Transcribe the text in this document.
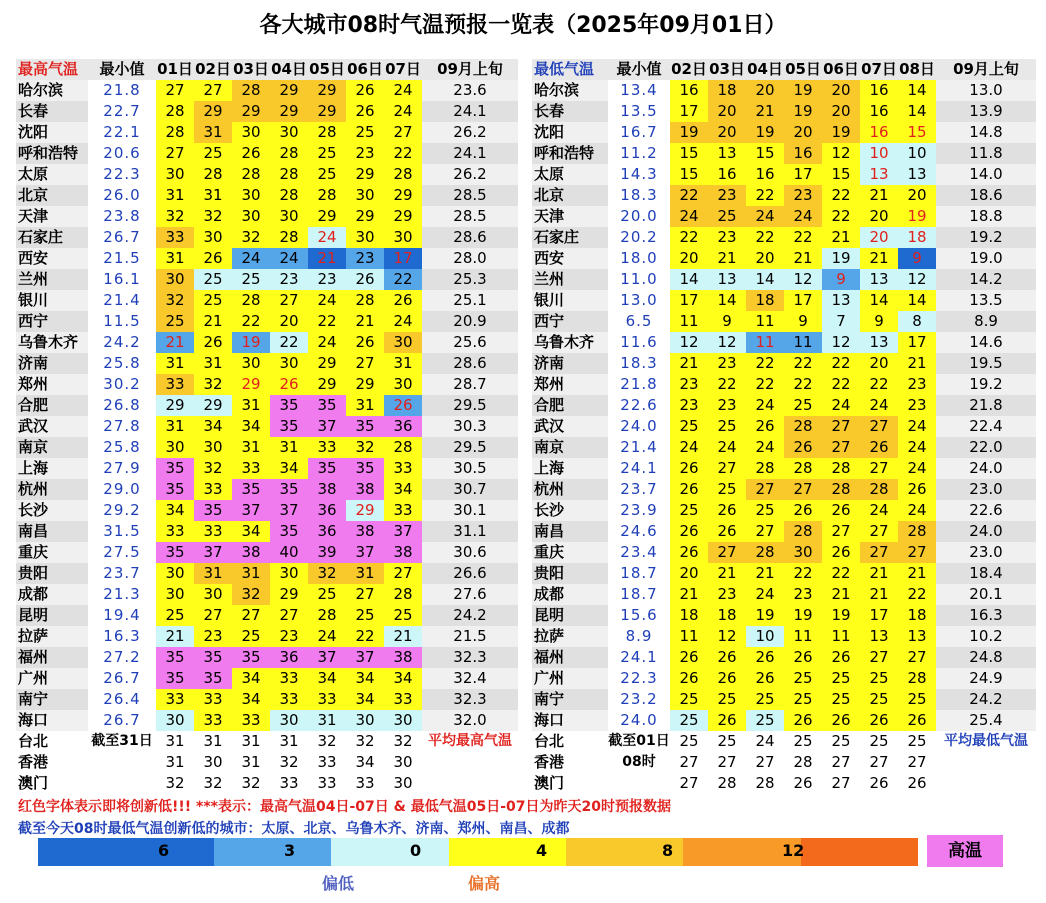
各大城市08时气温预报一览表（2025年09月01日）
最高气温	最小值	01日	02日	03日	04日	05日	06日	07日	09月上旬
哈尔滨	21.8	27	27	28	29	29	26	24	23.6
长春	22.7	28	29	29	29	29	26	24	24.1
沈阳	22.1	28	31	30	30	28	25	27	26.2
呼和浩特	20.6	27	25	26	28	25	23	22	24.1
太原	22.3	30	28	28	28	25	29	28	26.2
北京	26.0	31	31	30	28	28	30	29	28.5
天津	23.8	32	32	30	30	29	29	29	28.5
石家庄	26.7	33	30	32	28	24	30	30	28.6
西安	21.5	31	26	24	24	21	23	17	28.0
兰州	16.1	30	25	25	23	23	26	22	25.3
银川	21.4	32	25	28	27	24	28	26	25.1
西宁	11.5	25	21	22	20	22	21	24	20.9
乌鲁木齐	24.2	21	26	19	22	24	26	30	25.6
济南	25.8	31	31	30	30	29	27	31	28.6
郑州	30.2	33	32	29	26	29	29	30	28.7
合肥	26.8	29	29	31	35	35	31	26	29.5
武汉	27.8	31	34	34	35	37	35	36	30.3
南京	25.8	30	30	31	31	33	32	28	29.5
上海	27.9	35	32	33	34	35	35	33	30.5
杭州	29.0	35	33	35	35	38	38	34	30.7
长沙	29.2	34	35	37	37	36	29	33	30.1
南昌	31.5	33	33	34	35	36	38	37	31.1
重庆	27.5	35	37	38	40	39	37	38	30.6
贵阳	23.7	30	31	31	30	32	31	27	26.6
成都	21.3	30	30	32	29	25	27	28	27.6
昆明	19.4	25	27	27	27	28	25	25	24.2
拉萨	16.3	21	23	25	23	24	22	21	21.5
福州	27.2	35	35	35	36	37	37	38	32.3
广州	26.7	35	35	34	33	34	34	34	32.4
南宁	26.4	33	33	34	33	33	34	33	32.3
海口	26.7	30	33	33	30	31	30	30	32.0
台北	截至31日	31	31	31	31	32	32	32	平均最高气温
香港		31	30	31	32	33	34	30	
澳门		32	32	32	33	33	33	30	
最低气温	最小值	02日	03日	04日	05日	06日	07日	08日	09月上旬
哈尔滨	13.4	16	18	20	19	20	16	14	13.0
长春	13.5	17	20	21	19	20	16	14	13.9
沈阳	16.7	19	20	19	20	19	16	15	14.8
呼和浩特	11.2	15	13	15	16	12	10	10	11.8
太原	14.3	15	16	16	17	15	13	13	14.0
北京	18.3	22	23	22	23	22	21	20	18.6
天津	20.0	24	25	24	24	22	20	19	18.8
石家庄	20.2	22	23	22	22	21	20	18	19.2
西安	18.0	20	21	20	21	19	21	9	19.0
兰州	11.0	14	13	14	12	9	13	12	14.2
银川	13.0	17	14	18	17	13	14	14	13.5
西宁	6.5	11	9	11	9	7	9	8	8.9
乌鲁木齐	11.6	12	12	11	11	12	13	17	14.6
济南	18.3	21	23	22	22	22	20	21	19.5
郑州	21.8	23	22	22	22	22	22	23	19.2
合肥	22.6	23	23	24	25	24	24	23	21.8
武汉	24.0	25	25	26	28	27	27	24	22.4
南京	21.4	24	24	24	26	27	26	24	22.0
上海	24.1	26	27	28	28	28	27	24	24.0
杭州	23.7	26	25	27	27	28	28	26	23.0
长沙	23.9	25	26	25	26	26	24	24	22.6
南昌	24.6	26	26	27	28	27	27	28	24.0
重庆	23.4	26	27	28	30	26	27	27	23.0
贵阳	18.7	20	21	21	22	22	21	21	18.4
成都	18.7	21	23	24	23	21	21	22	20.1
昆明	15.6	18	18	19	19	19	17	18	16.3
拉萨	8.9	11	12	10	11	11	13	13	10.2
福州	24.1	26	26	26	26	26	27	27	24.8
广州	22.3	26	26	26	25	25	25	28	24.9
南宁	23.2	25	25	25	25	25	25	25	24.2
海口	24.0	25	26	25	26	26	26	26	25.4
台北	截至01日	25	25	24	25	25	25	25	平均最低气温
香港	08时	27	27	27	28	27	27	27	
澳门		27	28	28	26	27	26	26	
红色字体表示即将创新低!!! ***表示：最高气温04日-07日 & 最低气温05日-07日为昨天20时预报数据
截至今天08时最低气温创新低的城市：太原、北京、乌鲁木齐、济南、郑州、南昌、成都
6	3	0	4	8	12	高温
偏低	偏高
